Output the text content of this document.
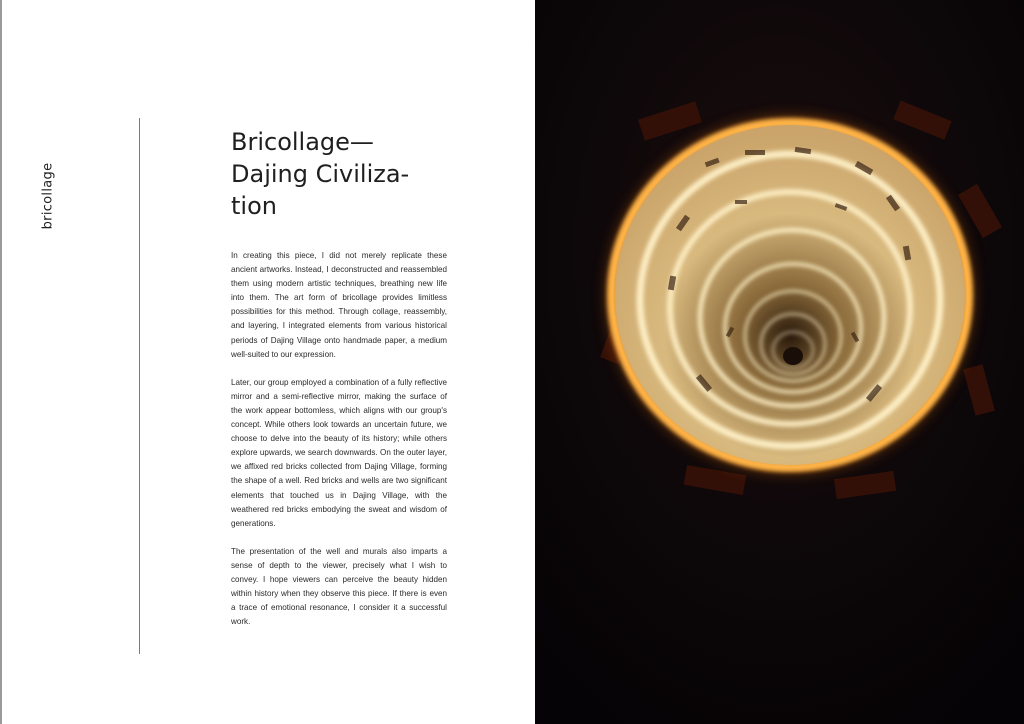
bricollage
Bricollage—
Dajing Civiliza-
tion

In creating this piece, I did not merely replicate these ancient artworks. Instead, I deconstructed and reassembled them using modern artistic techniques, breathing new life into them. The art form of bricollage provides limitless possibilities for this method. Through collage, reassembly, and layering, I integrated elements from various historical periods of Dajing Village onto handmade paper, a medium well-suited to our expression.

Later, our group employed a combination of a fully reflective mirror and a semi-reflective mirror, making the surface of the work appear bottomless, which aligns with our group's concept. While others look towards an uncertain future, we choose to delve into the beauty of its history; while others explore upwards, we search downwards. On the outer layer, we affixed red bricks collected from Dajing Village, forming the shape of a well. Red bricks and wells are two significant elements that touched us in Dajing Village, with the weathered red bricks embodying the sweat and wisdom of generations.

The presentation of the well and murals also imparts a sense of depth to the viewer, precisely what I wish to convey. I hope viewers can perceive the beauty hidden within history when they observe this piece. If there is even a trace of emotional resonance, I consider it a successful work.
